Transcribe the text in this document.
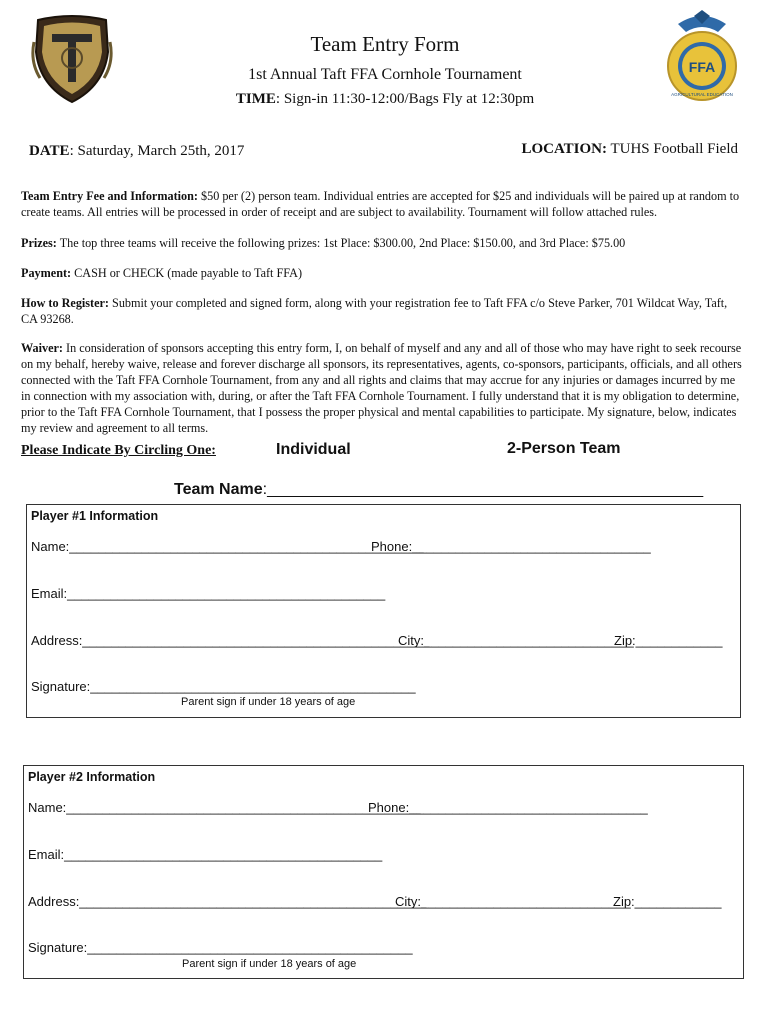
FFA
AGRICULTURAL EDUCATION
Team Entry Form
1st Annual Taft FFA Cornhole Tournament
TIME: Sign-in 11:30-12:00/Bags Fly at 12:30pm
DATE: Saturday, March 25th, 2017	LOCATION: TUHS Football Field
Team Entry Fee and Information: $50 per (2) person team. Individual entries are accepted for $25 and individuals will be paired up at random to create teams. All entries will be processed in order of receipt and are subject to availability. Tournament will follow attached rules.
Prizes: The top three teams will receive the following prizes: 1st Place: $300.00, 2nd Place: $150.00, and 3rd Place: $75.00
Payment: CASH or CHECK (made payable to Taft FFA)
How to Register: Submit your completed and signed form, along with your registration fee to Taft FFA c/o Steve Parker, 701 Wildcat Way, Taft, CA 93268.
Waiver: In consideration of sponsors accepting this entry form, I, on behalf of myself and any and all of those who may have right to seek recourse on my behalf, hereby waive, release and forever discharge all sponsors, its representatives, agents, co-sponsors, participants, officials, and all others connected with the Taft FFA Cornhole Tournament, from any and all rights and claims that may accrue for any injuries or damages incurred by me in connection with my association with, during, or after the Taft FFA Cornhole Tournament. I fully understand that it is my obligation to determine, prior to the Taft FFA Cornhole Tournament, that I possess the proper physical and mental capabilities to participate. My signature, below, indicates my review and agreement to all terms.
Please Indicate By Circling One:	Individual	2-Person Team
Team Name:_________________________________________________
Player #1 Information
Name:_________________________________________________
Phone:_________________________________
Email:____________________________________________
Address:________________________________________________
City:_____________________________
Zip:____________
Signature:_____________________________________________
Parent sign if under 18 years of age
Player #2 Information
Name:_________________________________________________
Phone:_________________________________
Email:____________________________________________
Address:________________________________________________
City:_____________________________
Zip:____________
Signature:_____________________________________________
Parent sign if under 18 years of age
